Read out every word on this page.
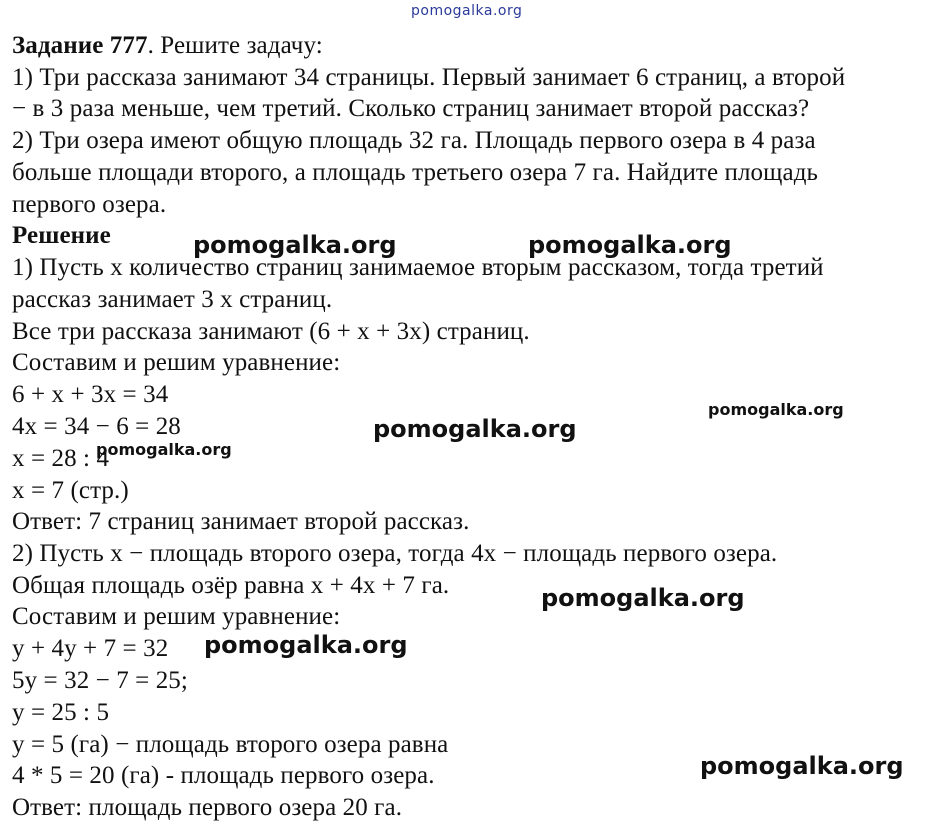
pomogalka.org
Задание 777. Решите задачу:
1) Три рассказа занимают 34 страницы. Первый занимает 6 страниц, а второй
− в 3 раза меньше, чем третий. Сколько страниц занимает второй рассказ?
2) Три озера имеют общую площадь 32 га. Площадь первого озера в 4 раза
больше площади второго, а площадь третьего озера 7 га. Найдите площадь
первого озера.
Решение
1) Пусть х количество страниц занимаемое вторым рассказом, тогда третий
рассказ занимает 3 х страниц.
Все три рассказа занимают (6 + х + 3х) страниц.
Составим и решим уравнение:
6 + х + 3х = 34
4х = 34 − 6 = 28
х = 28 : 4
х = 7 (стр.)
Ответ: 7 страниц занимает второй рассказ.
2) Пусть х − площадь второго озера, тогда 4х − площадь первого озера.
Общая площадь озёр равна х + 4х + 7 га.
Составим и решим уравнение:
у + 4у + 7 = 32
5у = 32 − 7 = 25;
у = 25 : 5
у = 5 (га) − площадь второго озера равна
4 * 5 = 20 (га) - площадь первого озера.
Ответ: площадь первого озера 20 га.
pomogalka.org	pomogalka.org
pomogalka.org
pomogalka.org
pomogalka.org
pomogalka.org
pomogalka.org
pomogalka.org
